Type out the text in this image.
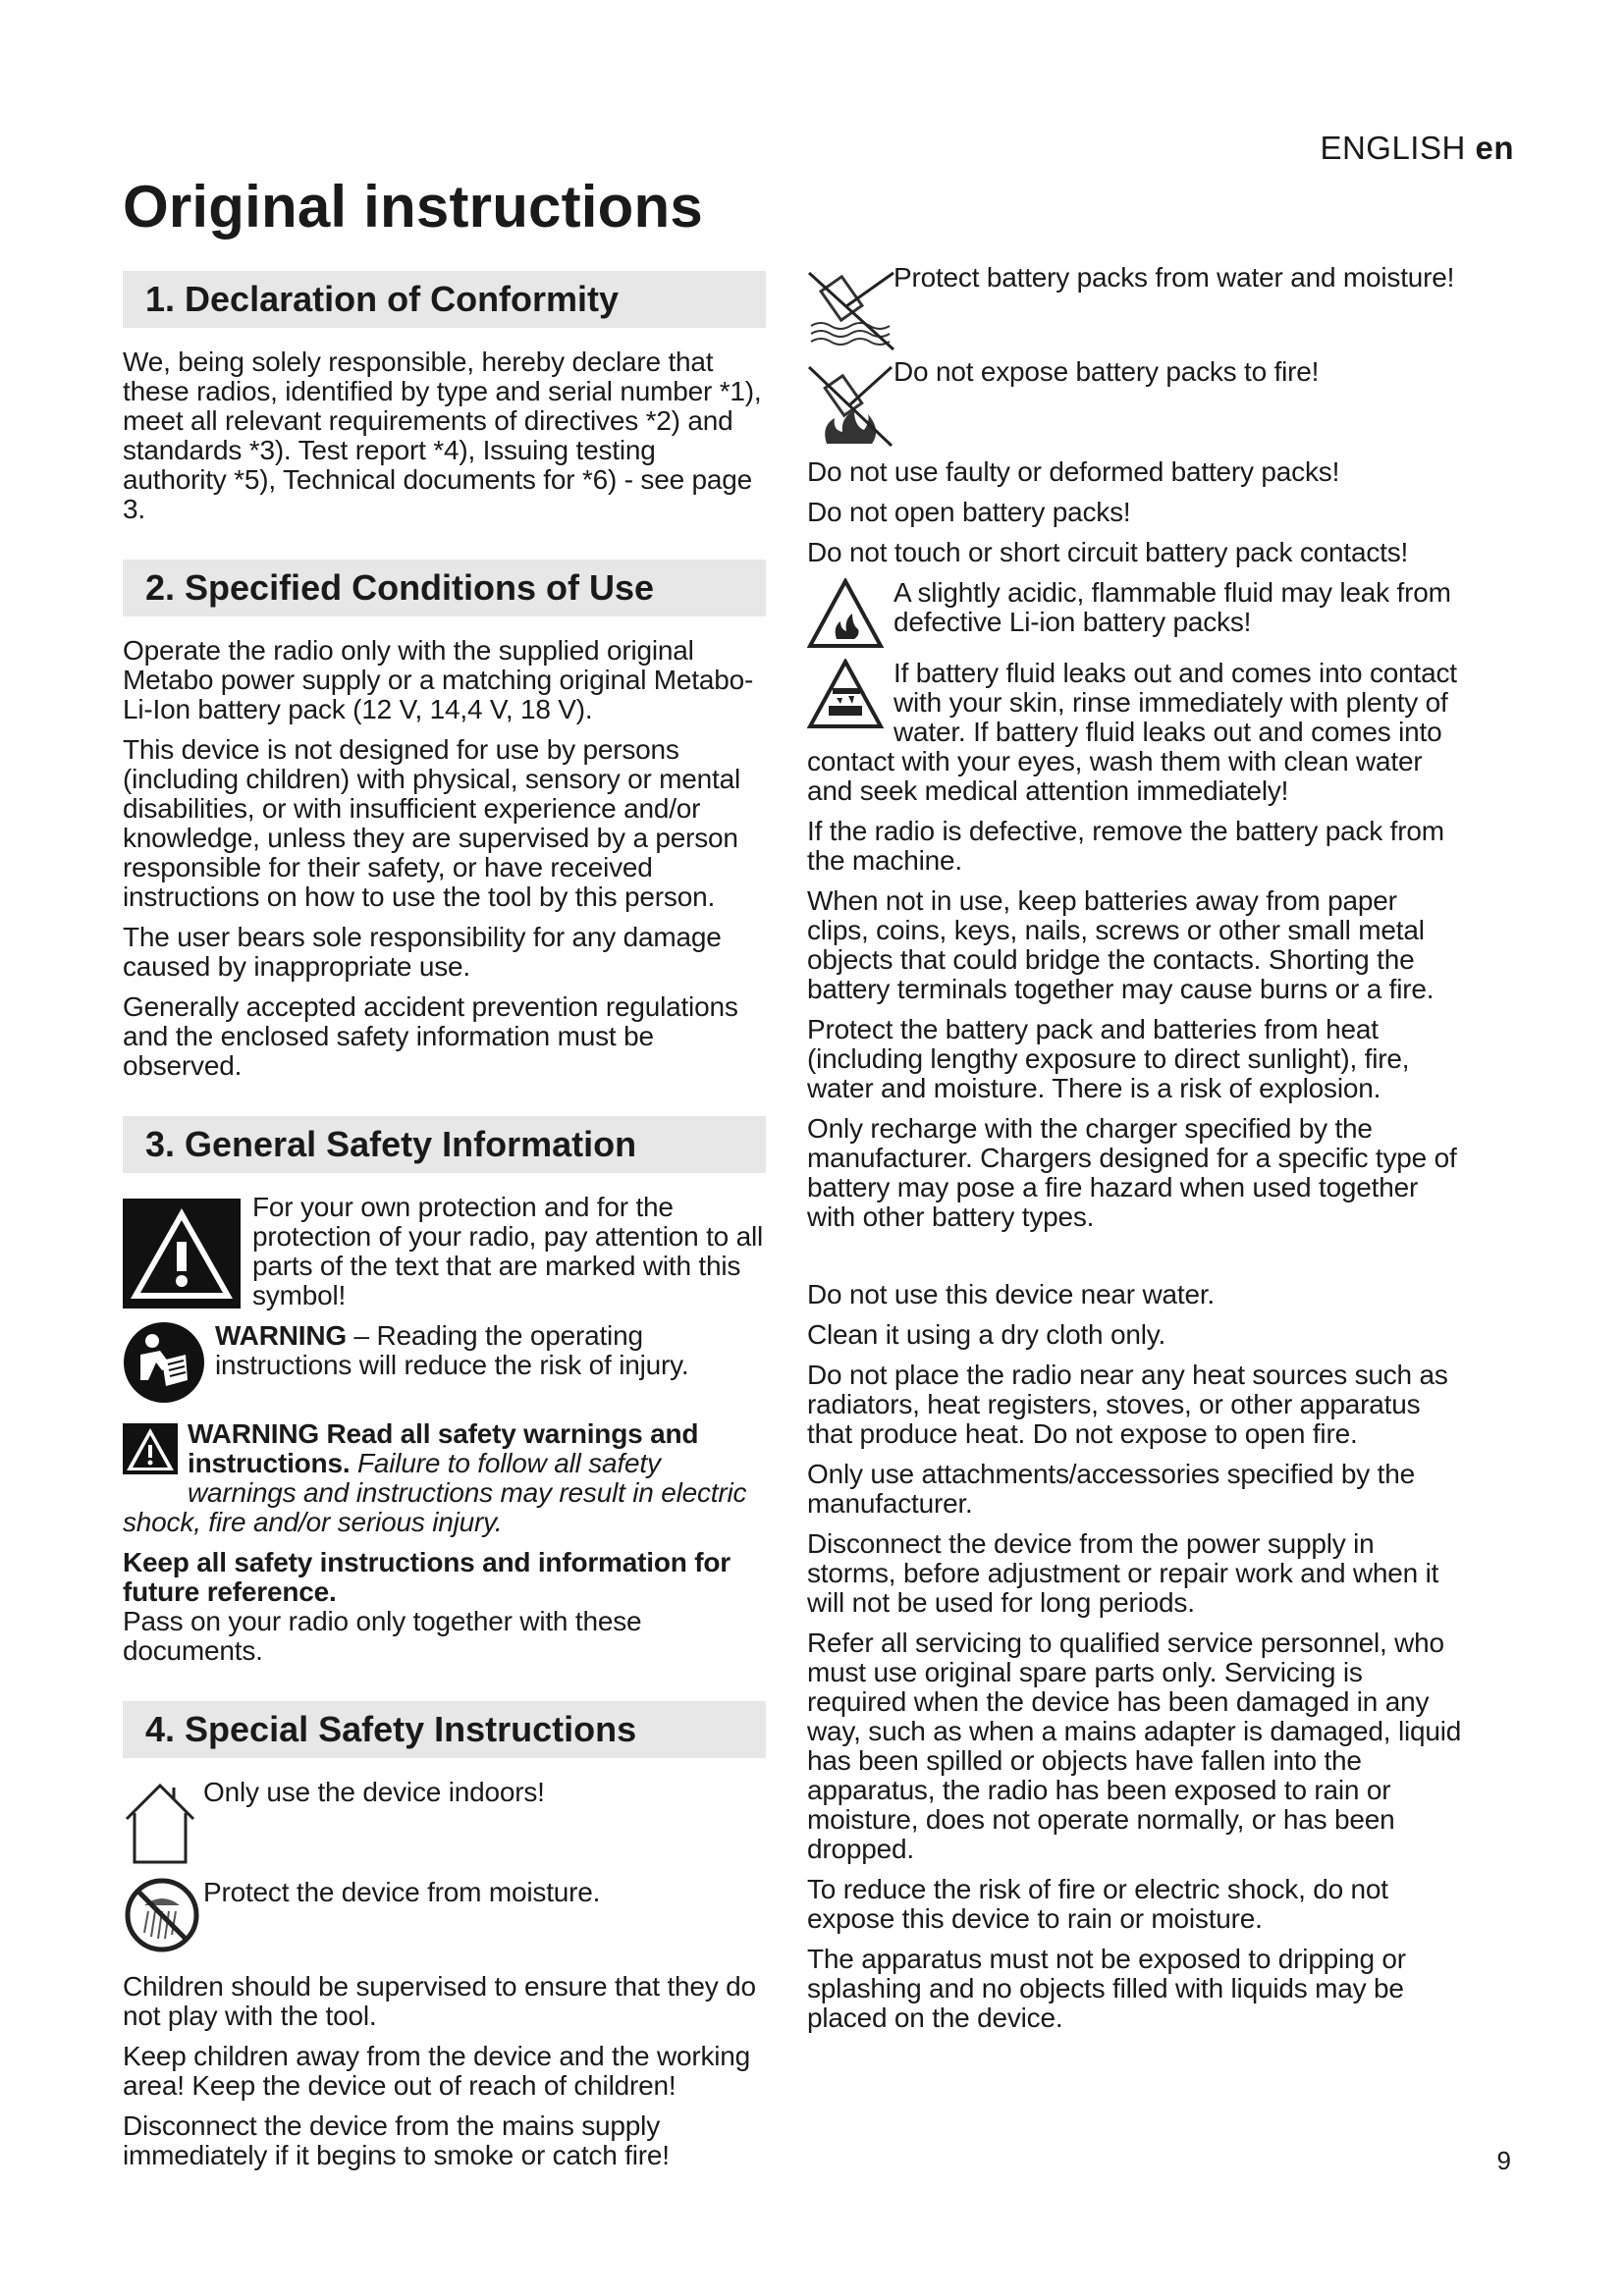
ENGLISH en
Original instructions
1. Declaration of Conformity

We, being solely responsible, hereby declare that these radios, identified by type and serial number *1), meet all relevant requirements of directives *2) and standards *3). Test report *4), Issuing testing authority *5), Technical documents for *6) - see page 3.

2. Specified Conditions of Use

Operate the radio only with the supplied original Metabo power supply or a matching original Metabo-Li-Ion battery pack (12 V, 14,4 V, 18 V).

This device is not designed for use by persons (including children) with physical, sensory or mental disabilities, or with insufficient experience and/or knowledge, unless they are supervised by a person responsible for their safety, or have received instructions on how to use the tool by this person.

The user bears sole responsibility for any damage caused by inappropriate use.

Generally accepted accident prevention regulations and the enclosed safety information must be observed.

3. General Safety Information

For your own protection and for the protection of your radio, pay attention to all parts of the text that are marked with this symbol!

WARNING – Reading the operating instructions will reduce the risk of injury.

WARNING Read all safety warnings and instructions. Failure to follow all safety warnings and instructions may result in electric shock, fire and/or serious injury.

Keep all safety instructions and information for future reference.

Pass on your radio only together with these documents.

4. Special Safety Instructions

Only use the device indoors!

Protect the device from moisture.

Children should be supervised to ensure that they do not play with the tool.

Keep children away from the device and the working area! Keep the device out of reach of children!

Disconnect the device from the mains supply immediately if it begins to smoke or catch fire!

Protect battery packs from water and moisture!

Do not expose battery packs to fire!

Do not use faulty or deformed battery packs!

Do not open battery packs!

Do not touch or short circuit battery pack contacts!

A slightly acidic, flammable fluid may leak from defective Li-ion battery packs!

If battery fluid leaks out and comes into contact with your skin, rinse immediately with plenty of water. If battery fluid leaks out and comes into contact with your eyes, wash them with clean water and seek medical attention immediately!

If the radio is defective, remove the battery pack from the machine.

When not in use, keep batteries away from paper clips, coins, keys, nails, screws or other small metal objects that could bridge the contacts. Shorting the battery terminals together may cause burns or a fire.

Protect the battery pack and batteries from heat (including lengthy exposure to direct sunlight), fire, water and moisture. There is a risk of explosion.

Only recharge with the charger specified by the manufacturer. Chargers designed for a specific type of battery may pose a fire hazard when used together with other battery types.

Do not use this device near water.

Clean it using a dry cloth only.

Do not place the radio near any heat sources such as radiators, heat registers, stoves, or other apparatus that produce heat. Do not expose to open fire.

Only use attachments/accessories specified by the manufacturer.

Disconnect the device from the power supply in storms, before adjustment or repair work and when it will not be used for long periods.

Refer all servicing to qualified service personnel, who must use original spare parts only. Servicing is required when the device has been damaged in any way, such as when a mains adapter is damaged, liquid has been spilled or objects have fallen into the apparatus, the radio has been exposed to rain or moisture, does not operate normally, or has been dropped.

To reduce the risk of fire or electric shock, do not expose this device to rain or moisture.

The apparatus must not be exposed to dripping or splashing and no objects filled with liquids may be placed on the device.

9
